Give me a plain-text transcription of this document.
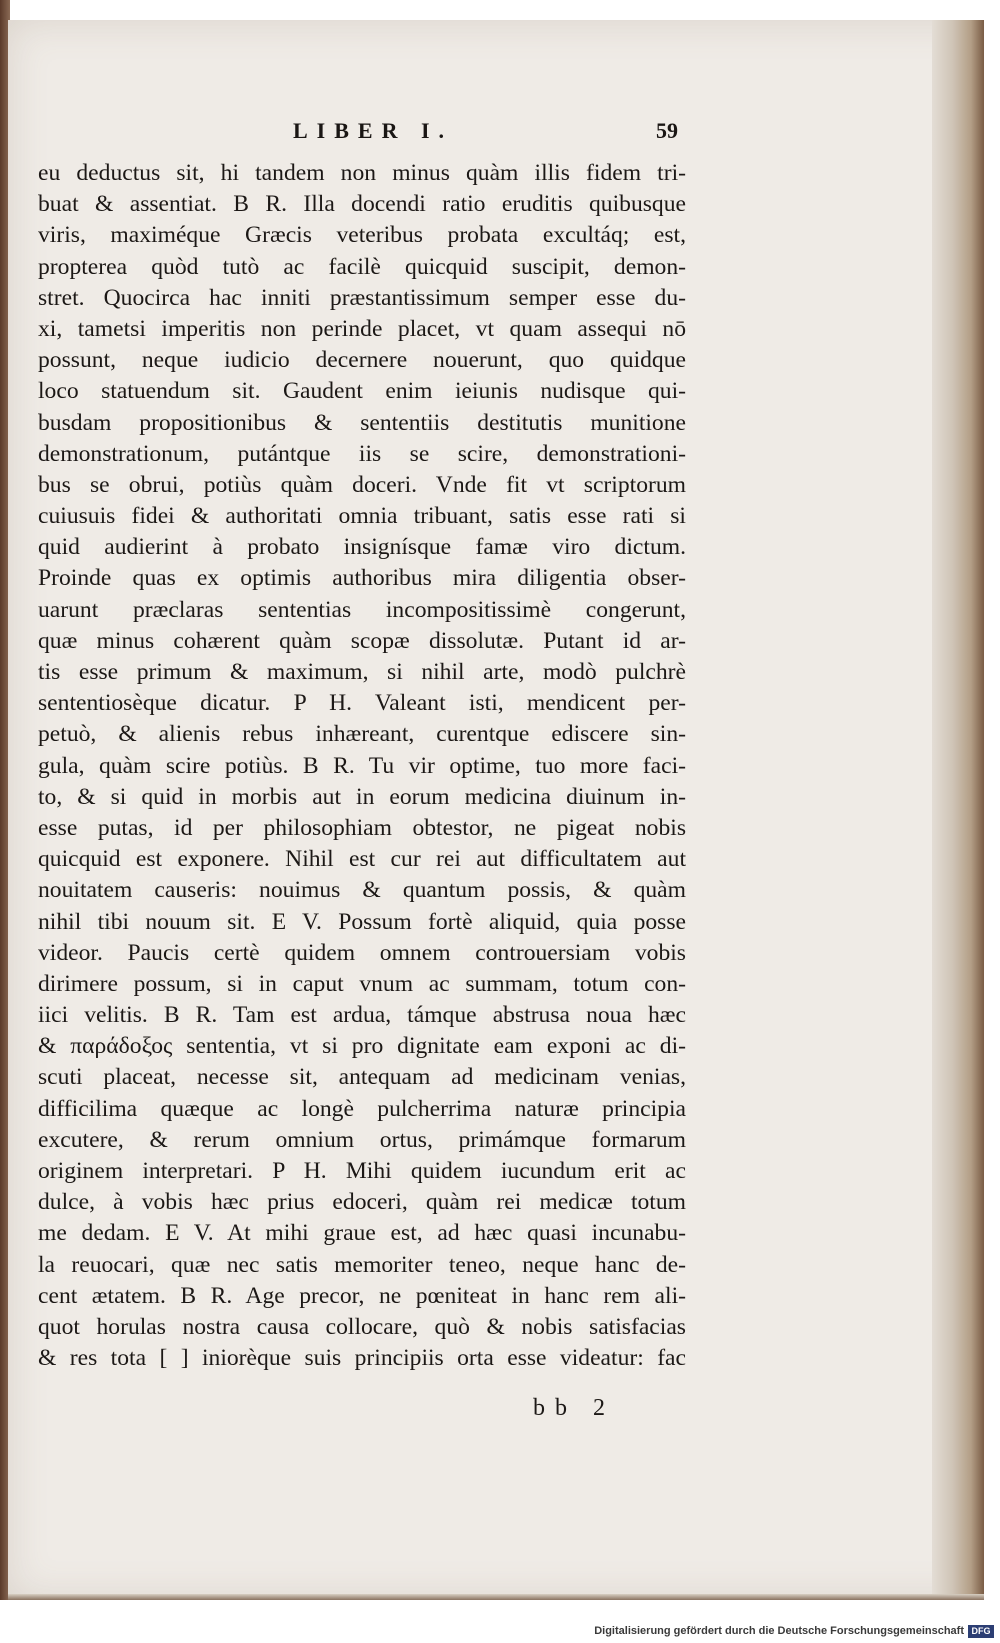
LIBER I.	59
eu deductus sit, hi tandem non minus quàm illis fidem tri-
buat & assentiat. B R. Illa docendi ratio eruditis quibusque
viris, maximéque Græcis veteribus probata excultáq; est,
propterea quòd tutò ac facilè quicquid suscipit, demon-
stret. Quocirca hac inniti præstantissimum semper esse du-
xi, tametsi imperitis non perinde placet, vt quam assequi nō
possunt, neque iudicio decernere nouerunt, quo quidque
loco statuendum sit. Gaudent enim ieiunis nudisque qui-
busdam propositionibus & sententiis destitutis munitione
demonstrationum, putántque iis se scire, demonstrationi-
bus se obrui, potiùs quàm doceri. Vnde fit vt scriptorum
cuiusuis fidei & authoritati omnia tribuant, satis esse rati si
quid audierint à probato insignísque famæ viro dictum.
Proinde quas ex optimis authoribus mira diligentia obser-
uarunt præclaras sententias incompositissimè congerunt,
quæ minus cohærent quàm scopæ dissolutæ. Putant id ar-
tis esse primum & maximum, si nihil arte, modò pulchrè
sententiosèque dicatur. P H. Valeant isti, mendicent per-
petuò, & alienis rebus inhæreant, curentque ediscere sin-
gula, quàm scire potiùs. B R. Tu vir optime, tuo more faci-
to, & si quid in morbis aut in eorum medicina diuinum in-
esse putas, id per philosophiam obtestor, ne pigeat nobis
quicquid est exponere. Nihil est cur rei aut difficultatem aut
nouitatem causeris: nouimus & quantum possis, & quàm
nihil tibi nouum sit. E V. Possum fortè aliquid, quia posse
videor. Paucis certè quidem omnem controuersiam vobis
dirimere possum, si in caput vnum ac summam, totum con-
iici velitis. B R. Tam est ardua, támque abstrusa noua hæc
& παράδοξος sententia, vt si pro dignitate eam exponi ac di-
scuti placeat, necesse sit, antequam ad medicinam venias,
difficilima quæque ac longè pulcherrima naturæ principia
excutere, & rerum omnium ortus, primámque formarum
originem interpretari. P H. Mihi quidem iucundum erit ac
dulce, à vobis hæc prius edoceri, quàm rei medicæ totum
me dedam. E V. At mihi graue est, ad hæc quasi incunabu-
la reuocari, quæ nec satis memoriter teneo, neque hanc de-
cent ætatem. B R. Age precor, ne pœniteat in hanc rem ali-
quot horulas nostra causa collocare, quò & nobis satisfacias
& res tota [ ] iniorèque suis principiis orta esse videatur: fac
bb 2
Digitalisierung gefördert durch die Deutsche Forschungsgemeinschaft DFG
